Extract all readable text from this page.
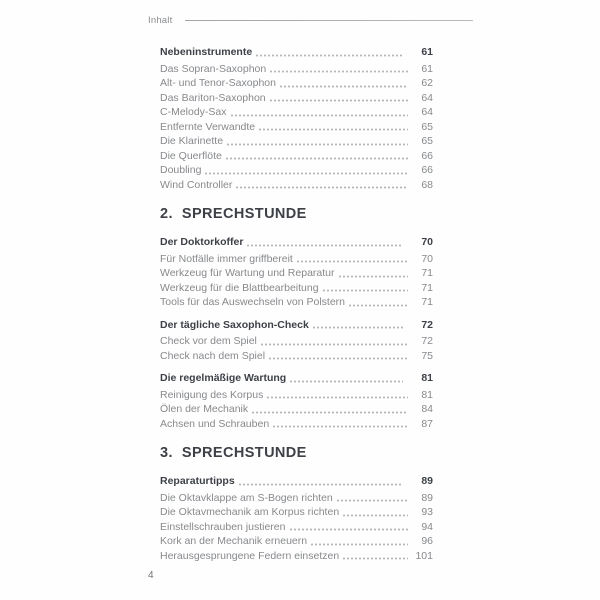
Inhalt
Nebeninstrumente	61
Das Sopran-Saxophon	61
Alt- und Tenor-Saxophon	62
Das Bariton-Saxophon	64
C-Melody-Sax	64
Entfernte Verwandte	65
Die Klarinette	65
Die Querflöte	66
Doubling	66
Wind Controller	68
2. SPRECHSTUNDE
Der Doktorkoffer	70
Für Notfälle immer griffbereit	70
Werkzeug für Wartung und Reparatur	71
Werkzeug für die Blattbearbeitung	71
Tools für das Auswechseln von Polstern	71
Der tägliche Saxophon-Check	72
Check vor dem Spiel	72
Check nach dem Spiel	75
Die regelmäßige Wartung	81
Reinigung des Korpus	81
Ölen der Mechanik	84
Achsen und Schrauben	87
3. SPRECHSTUNDE
Reparaturtipps	89
Die Oktavklappe am S-Bogen richten	89
Die Oktavmechanik am Korpus richten	93
Einstellschrauben justieren	94
Kork an der Mechanik erneuern	96
Herausgesprungene Federn einsetzen	101
4
